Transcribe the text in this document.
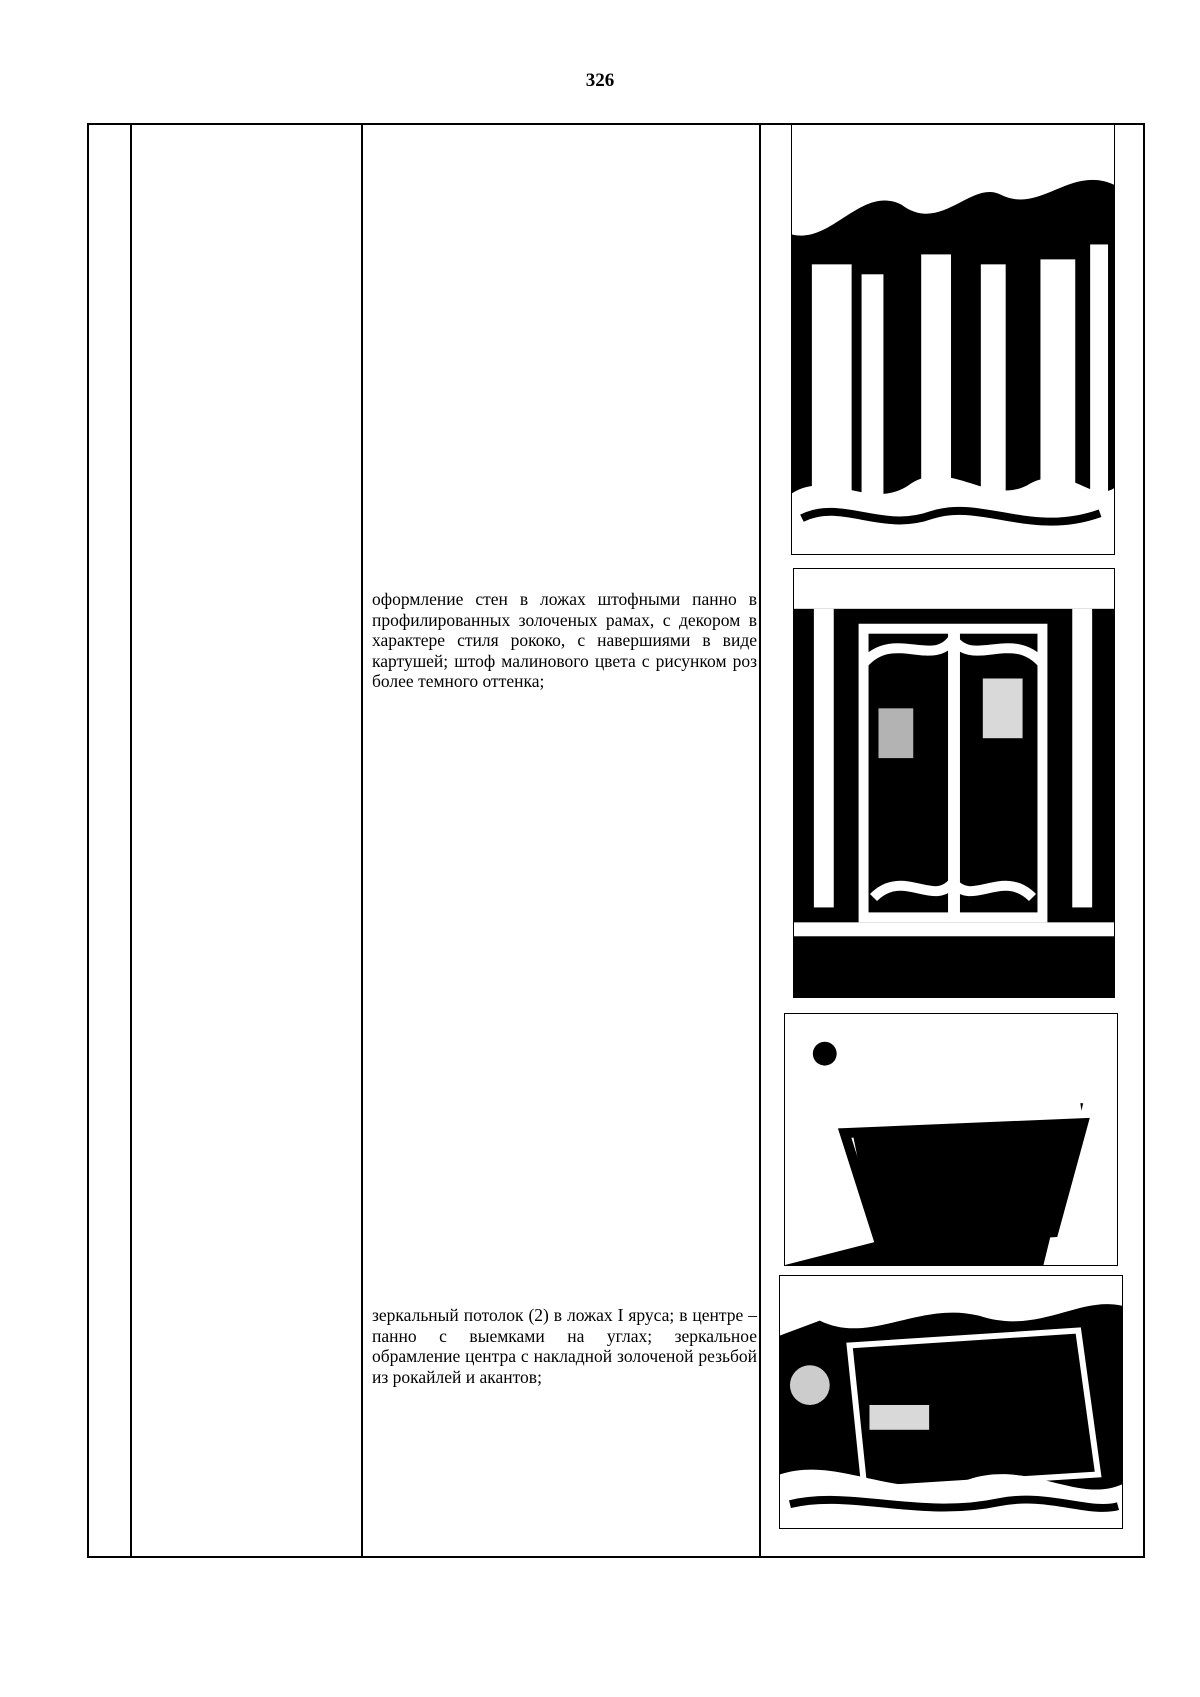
326

оформление стен в ложах штофными панно в профилированных золоченых рамах, с декором в характере стиля рококо, с навершиями в виде картушей; штоф малинового цвета с рисунком роз более темного оттенка;

зеркальный потолок (2) в ложах I яруса; в центре – панно с выемками на углах; зеркальное обрамление центра с накладной золоченой резьбой из рокайлей и акантов;
